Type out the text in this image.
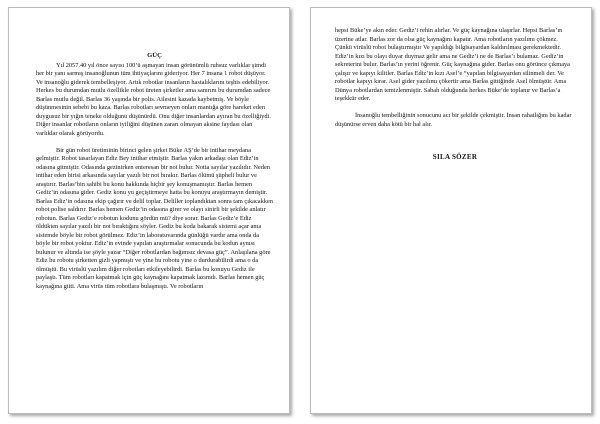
GÜÇ

Yıl 2057.40 yıl önce sayısı 100’ü aşmayan insan görünümlü ruhsuz varlıklar şimdi her bir yanı sarmış insanoğlunun tüm ihtiyaçlarını gideriyor. Her 7 insana 1 robot düşüyor. Ve insanoğlu giderek tembelleşiyor. Artık robotlar insanların hastalıklarını teşhis edebiliyor. Herkes bu durumdan mutlu özellikle robot üreten şirketler ama sanırım bu durumdan sadece Barlas mutlu değil. Barlas 36 yaşında bir polis. Ailesini kazada kaybetmiş. Ve böyle düşünmesinin sebebi bu kaza. Barlas robotları sevmeyen onları mantığa göre hareket eden duygusuz bir yığın teneke olduğunu düşünürdü. Onu diğer insanlardan ayıran bu özelliğiydi. Diğer insanlar robotların onların iyiliğini düşünen zararı olmayan aksine faydası olan varlıklar olarak görüyordu.

Bir gün robot üretiminin birinci gelen şirket Büke AŞ’de bir intihar meydana gelmiştir. Robot tasarlayan Ediz Bey intihar etmiştir. Barlas yakın arkadaşı olan Ediz’in odasına gitmiştir. Odasında gezinirken enteresan bir not bulur. Notta sayılar yazılıdır. Neden intihar eden birisi arkasında sayılar yazılı bir not bırakır. Barlas ölümü şüpheli bulur ve araştırır. Barlas’bin sahibi bu konu hakkında hiçbir şey konuşmamıştır. Barlas hemen Gediz’in odasına gider. Gediz konu yu geçiştirmeye hatta bu konuyu araştırmayın demiştir. Barlas Ediz’in odasına ekip çağırır ve delil toplar. Deliller toplandıktan sonra tam çıkacakken robot polise saldırır. Barlas hemen Gediz’in odasına girer ve olayı sinirli bir şekilde anlatır robotun. Barlas Gediz’e robotun kodunu gördün mü? diye sorar. Barlas Gediz’e Ediz öldükten sayılar yazılı bir not bıraktığını söyler. Gediz bu koda bakarak sistemi açar ama sistemde böyle bir robot görülmez. Ediz’in laboratuvarında günlüğü vardır ama onda da böyle bir robot yoktur. Ediz’in evinde yapılan araştırmalar sonucunda bu kodun aynısı bulunur ve altında ise şöyle yazar “Diğer robotlardan bağımsız devasa güç”. Anlaşılana göre Ediz bu robotu şirketten gizli yapmıştı ve yine bu robotu yine o durdurabilirdi ama o da ölmüştü. Bu virüslü yazılım diğer robotları etkileyebilirdi. Barlas bu konuyu Gediz ile paylaştı. Tüm robotları kapatmak için güç kaynağını kapatmak lazımdı. Barlas hemen güç kaynağına gitti. Ama virüs tüm robotlara bulaşmıştı. Ve robotların

hepsi Büke’ye akın eder. Gediz’i rehin alırlar. Ve güç kaynağına ulaşırlar. Hepsi Barlas’ın üzerine atlar. Barlas zor da olsa güç kaynağını kapatır. Ama robotların yazılımı çökmez. Çünkü virüslü robot bulaştırmıştır Ve yapıldığı bilgisayardan kaldırılması gerekmektedir. Ediz’in kızı bu olayı duyar duymaz gelir ama ne Gediz’i ne de Barlas’ı bulamaz. Gediz’in sekreterini bulur. Barlas’ın yerini öğrenir. Güç kaynağına gider. Barlas onu görünce çıkmaya çalışır ve kapıyı kilitler. Barlas Ediz’in kızı Asel’e “yapılan bilgisayardan silinmeli der. Ve robotlar kapıyı kırar. Asel gider yazılımı çökertir ama Barlas gittiğinde Asel ölmüştür. Ama Dünya robotlardan temizlenmiştir. Sabah olduğunda herkes Büke’de toplanır ve Barlas’a teşekkür eder.

İnsanoğlu tembelliğinin sonucunu acı bir şekilde çekmiştir. İnsan rahatlığını bu kadar düşünürse erven daha kötü bir hal alır.

SILA SÖZER
